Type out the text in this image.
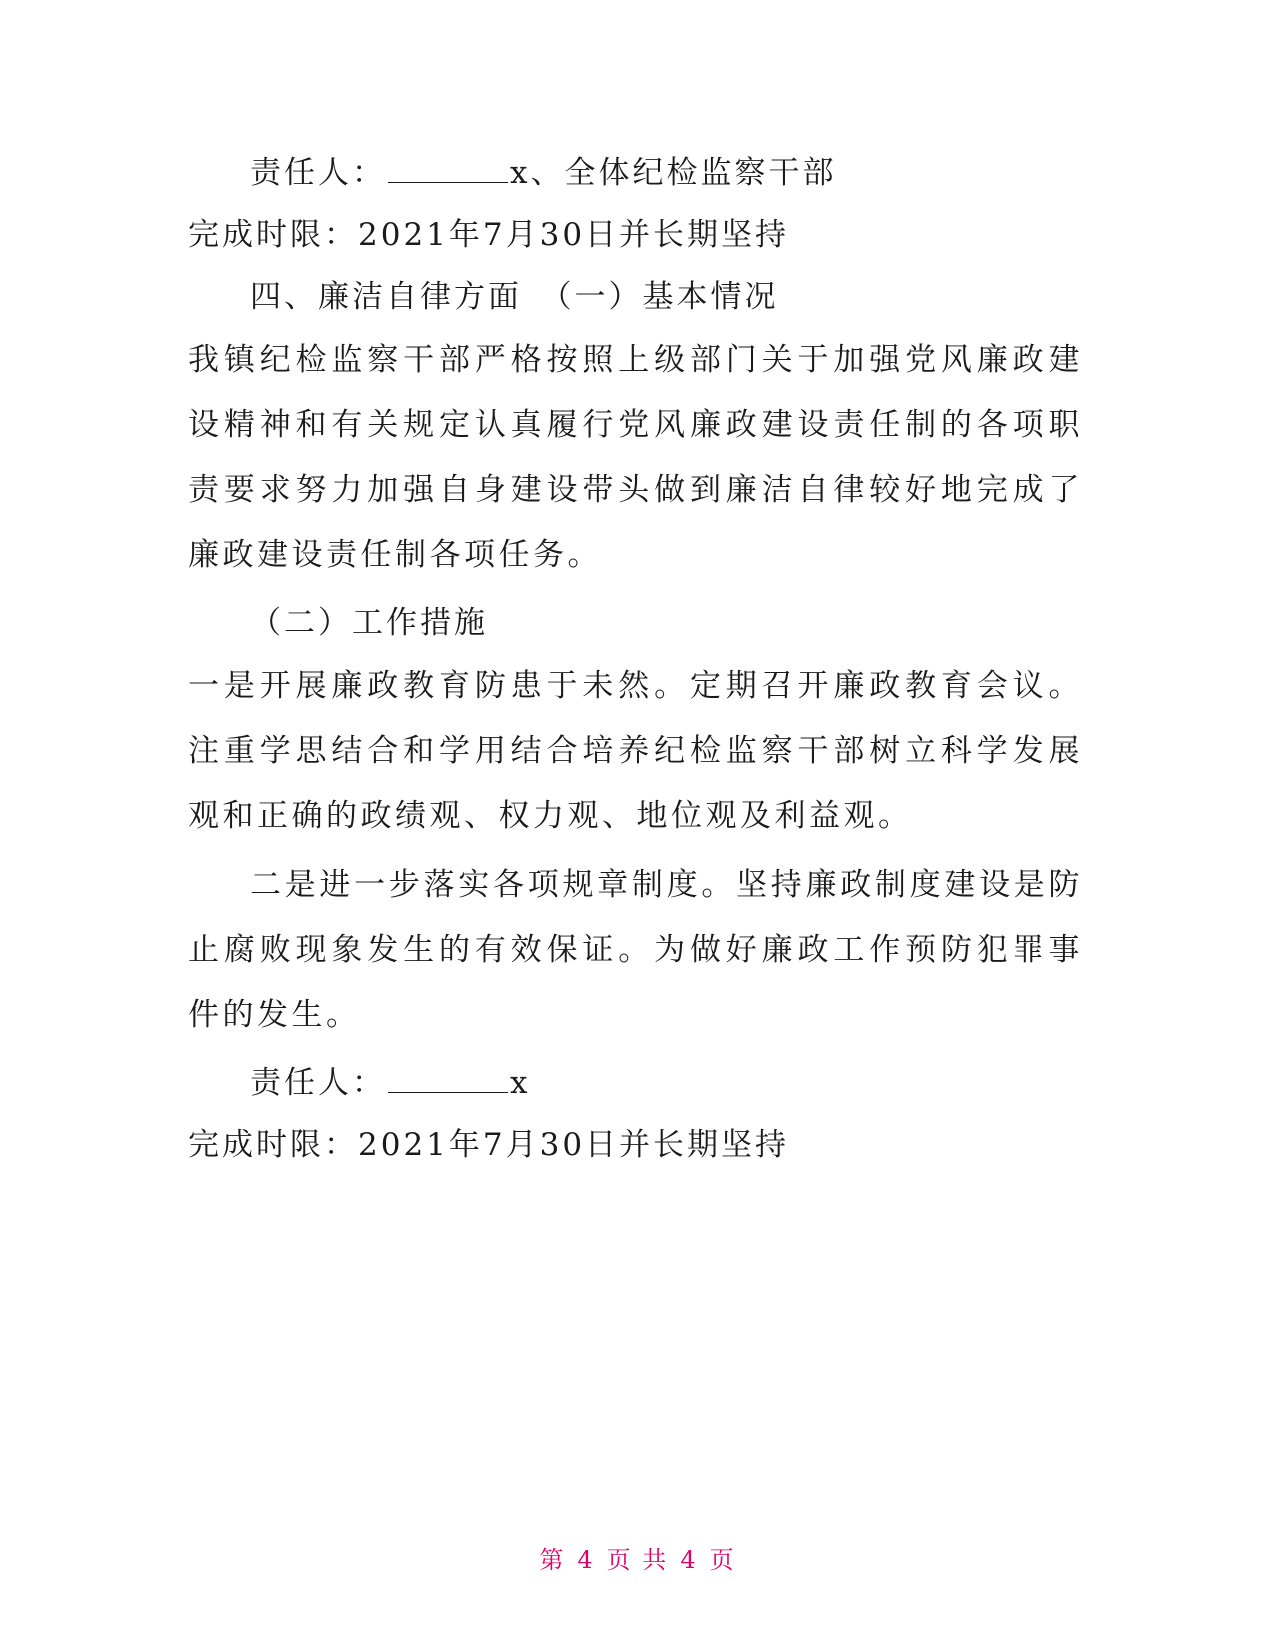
责任人：	x、全体纪检监察干部
完成时限：2021年7月30日并长期坚持
四、廉洁自律方面　（一）基本情况
我镇纪检监察干部严格按照上级部门关于加强党风廉政建设精神和有关规定认真履行党风廉政建设责任制的各项职责要求努力加强自身建设带头做到廉洁自律较好地完成了廉政建设责任制各项任务。
（二）工作措施
一是开展廉政教育防患于未然。定期召开廉政教育会议。注重学思结合和学用结合培养纪检监察干部树立科学发展观和正确的政绩观、权力观、地位观及利益观。
二是进一步落实各项规章制度。坚持廉政制度建设是防止腐败现象发生的有效保证。为做好廉政工作预防犯罪事件的发生。
责任人：	x
完成时限：2021年7月30日并长期坚持
第 4 页 共 4 页
